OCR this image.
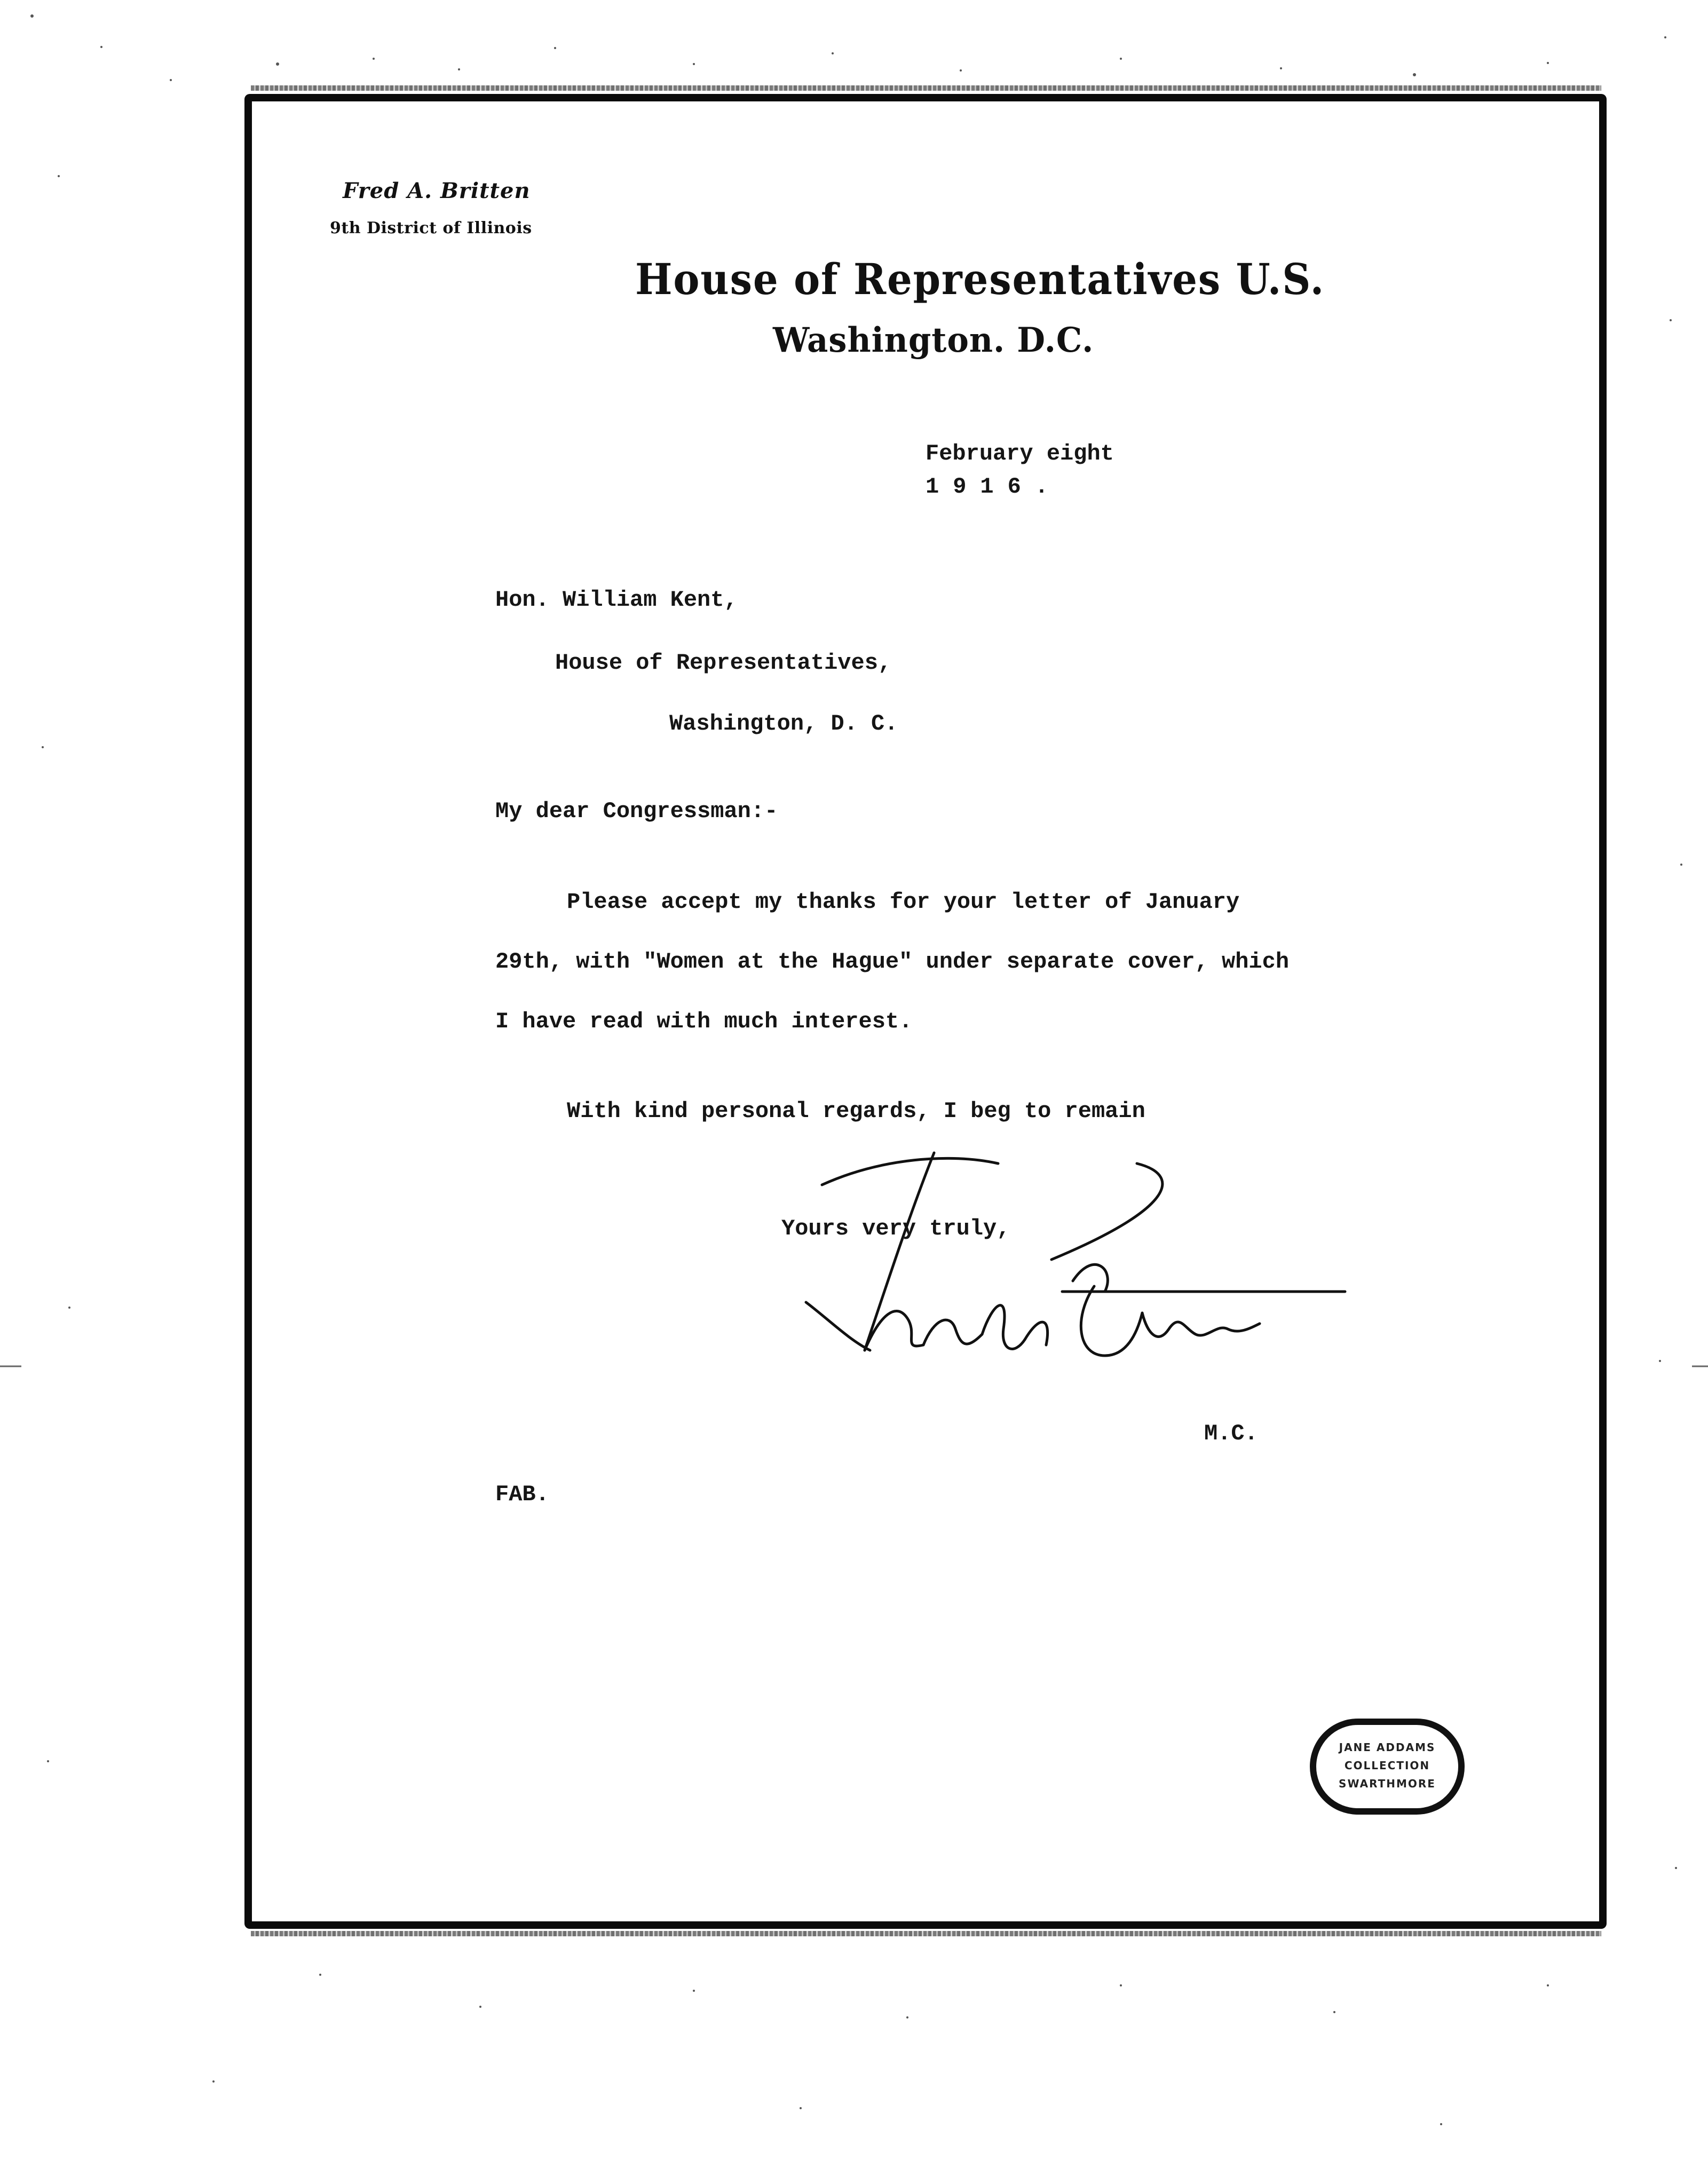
Fred A. Britten
9th District of Illinois
House of Representatives U.S.
Washington. D.C.
February eight
1916.
Hon. William Kent,
House of Representatives,
Washington, D. C.
My dear Congressman:-
Please accept my thanks for your letter of January
29th, with "Women at the Hague" under separate cover, which
I have read with much interest.
With kind personal regards, I beg to remain
Yours very truly,
M.C.
FAB.
JANE ADDAMS
COLLECTION
SWARTHMORE
